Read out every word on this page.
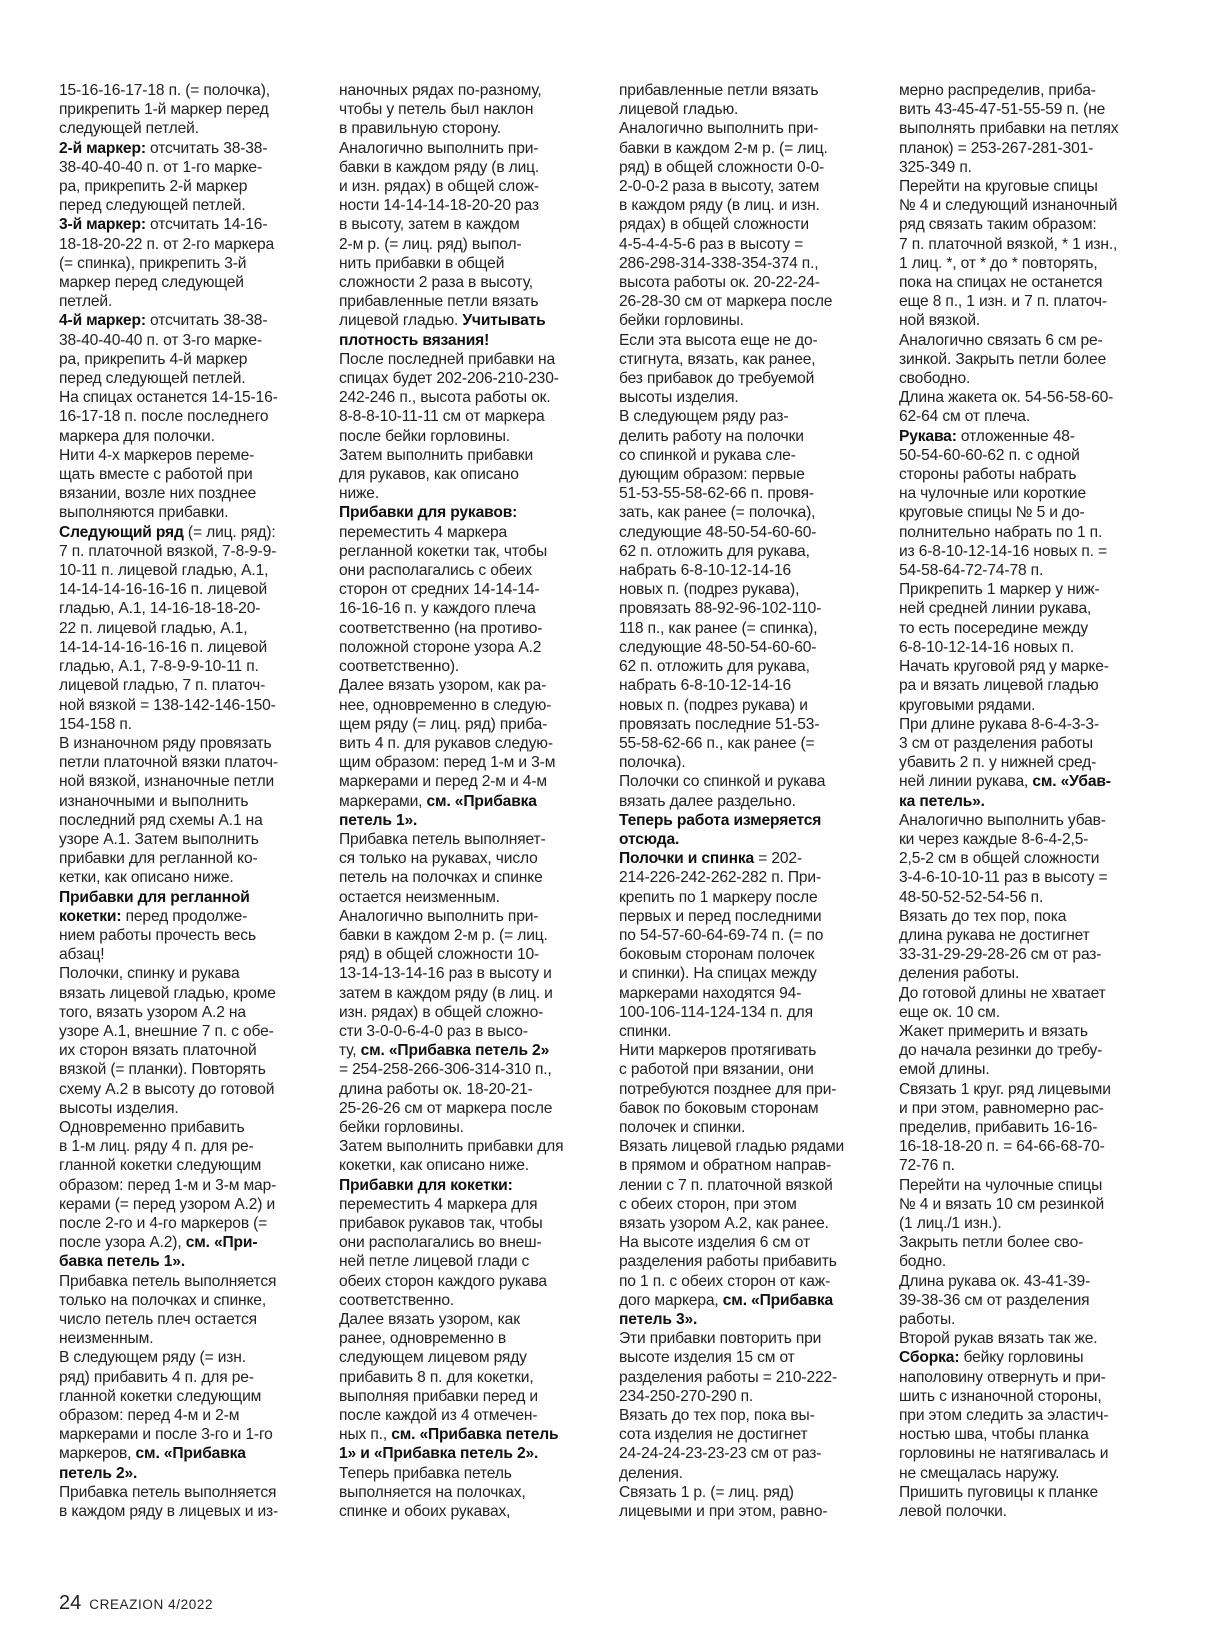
15-16-16-17-18 п. (= полочка),
прикрепить 1-й маркер перед
следующей петлей.
2-й маркер: отсчитать 38-38-
38-40-40-40 п. от 1-го марке-
ра, прикрепить 2-й маркер
перед следующей петлей.
3-й маркер: отсчитать 14-16-
18-18-20-22 п. от 2-го маркера
(= спинка), прикрепить 3-й
маркер перед следующей
петлей.
4-й маркер: отсчитать 38-38-
38-40-40-40 п. от 3-го марке-
ра, прикрепить 4-й маркер
перед следующей петлей.
На спицах останется 14-15-16-
16-17-18 п. после последнего
маркера для полочки.
Нити 4-х маркеров переме-
щать вместе с работой при
вязании, возле них позднее
выполняются прибавки.
Следующий ряд (= лиц. ряд):
7 п. платочной вязкой, 7-8-9-9-
10-11 п. лицевой гладью, А.1,
14-14-14-16-16-16 п. лицевой
гладью, А.1, 14-16-18-18-20-
22 п. лицевой гладью, А.1,
14-14-14-16-16-16 п. лицевой
гладью, А.1, 7-8-9-9-10-11 п.
лицевой гладью, 7 п. платоч-
ной вязкой = 138-142-146-150-
154-158 п.
В изнаночном ряду провязать
петли платочной вязки платоч-
ной вязкой, изнаночные петли
изнаночными и выполнить
последний ряд схемы А.1 на
узоре А.1. Затем выполнить
прибавки для регланной ко-
кетки, как описано ниже.
Прибавки для регланной
кокетки: перед продолже-
нием работы прочесть весь
абзац!
Полочки, спинку и рукава
вязать лицевой гладью, кроме
того, вязать узором А.2 на
узоре А.1, внешние 7 п. с обе-
их сторон вязать платочной
вязкой (= планки). Повторять
схему А.2 в высоту до готовой
высоты изделия.
Одновременно прибавить
в 1-м лиц. ряду 4 п. для ре-
гланной кокетки следующим
образом: перед 1-м и 3-м мар-
керами (= перед узором А.2) и
после 2-го и 4-го маркеров (=
после узора А.2), см. «При-
бавка петель 1».
Прибавка петель выполняется
только на полочках и спинке,
число петель плеч остается
неизменным.
В следующем ряду (= изн.
ряд) прибавить 4 п. для ре-
гланной кокетки следующим
образом: перед 4-м и 2-м
маркерами и после 3-го и 1-го
маркеров, см. «Прибавка
петель 2».
Прибавка петель выполняется
в каждом ряду в лицевых и из-
наночных рядах по-разному,
чтобы у петель был наклон
в правильную сторону.
Аналогично выполнить при-
бавки в каждом ряду (в лиц.
и изн. рядах) в общей слож-
ности 14-14-14-18-20-20 раз
в высоту, затем в каждом
2-м р. (= лиц. ряд) выпол-
нить прибавки в общей
сложности 2 раза в высоту,
прибавленные петли вязать
лицевой гладью. Учитывать
плотность вязания!
После последней прибавки на
спицах будет 202-206-210-230-
242-246 п., высота работы ок.
8-8-8-10-11-11 см от маркера
после бейки горловины.
Затем выполнить прибавки
для рукавов, как описано
ниже.
Прибавки для рукавов:
переместить 4 маркера
регланной кокетки так, чтобы
они располагались с обеих
сторон от средних 14-14-14-
16-16-16 п. у каждого плеча
соответственно (на противо-
положной стороне узора А.2
соответственно).
Далее вязать узором, как ра-
нее, одновременно в следую-
щем ряду (= лиц. ряд) приба-
вить 4 п. для рукавов следую-
щим образом: перед 1-м и 3-м
маркерами и перед 2-м и 4-м
маркерами, см. «Прибавка
петель 1».
Прибавка петель выполняет-
ся только на рукавах, число
петель на полочках и спинке
остается неизменным.
Аналогично выполнить при-
бавки в каждом 2-м р. (= лиц.
ряд) в общей сложности 10-
13-14-13-14-16 раз в высоту и
затем в каждом ряду (в лиц. и
изн. рядах) в общей сложно-
сти 3-0-0-6-4-0 раз в высо-
ту, см. «Прибавка петель 2»
= 254-258-266-306-314-310 п.,
длина работы ок. 18-20-21-
25-26-26 см от маркера после
бейки горловины.
Затем выполнить прибавки для
кокетки, как описано ниже.
Прибавки для кокетки:
переместить 4 маркера для
прибавок рукавов так, чтобы
они располагались во внеш-
ней петле лицевой глади с
обеих сторон каждого рукава
соответственно.
Далее вязать узором, как
ранее, одновременно в
следующем лицевом ряду
прибавить 8 п. для кокетки,
выполняя прибавки перед и
после каждой из 4 отмечен-
ных п., см. «Прибавка петель
1» и «Прибавка петель 2».
Теперь прибавка петель
выполняется на полочках,
спинке и обоих рукавах,
прибавленные петли вязать
лицевой гладью.
Аналогично выполнить при-
бавки в каждом 2-м р. (= лиц.
ряд) в общей сложности 0-0-
2-0-0-2 раза в высоту, затем
в каждом ряду (в лиц. и изн.
рядах) в общей сложности
4-5-4-4-5-6 раз в высоту =
286-298-314-338-354-374 п.,
высота работы ок. 20-22-24-
26-28-30 см от маркера после
бейки горловины.
Если эта высота еще не до-
стигнута, вязать, как ранее,
без прибавок до требуемой
высоты изделия.
В следующем ряду раз-
делить работу на полочки
со спинкой и рукава сле-
дующим образом: первые
51-53-55-58-62-66 п. провя-
зать, как ранее (= полочка),
следующие 48-50-54-60-60-
62 п. отложить для рукава,
набрать 6-8-10-12-14-16
новых п. (подрез рукава),
провязать 88-92-96-102-110-
118 п., как ранее (= спинка),
следующие 48-50-54-60-60-
62 п. отложить для рукава,
набрать 6-8-10-12-14-16
новых п. (подрез рукава) и
провязать последние 51-53-
55-58-62-66 п., как ранее (=
полочка).
Полочки со спинкой и рукава
вязать далее раздельно.
Теперь работа измеряется
отсюда.
Полочки и спинка = 202-
214-226-242-262-282 п. При-
крепить по 1 маркеру после
первых и перед последними
по 54-57-60-64-69-74 п. (= по
боковым сторонам полочек
и спинки). На спицах между
маркерами находятся 94-
100-106-114-124-134 п. для
спинки.
Нити маркеров протягивать
с работой при вязании, они
потребуются позднее для при-
бавок по боковым сторонам
полочек и спинки.
Вязать лицевой гладью рядами
в прямом и обратном направ-
лении с 7 п. платочной вязкой
с обеих сторон, при этом
вязать узором А.2, как ранее.
На высоте изделия 6 см от
разделения работы прибавить
по 1 п. с обеих сторон от каж-
дого маркера, см. «Прибавка
петель 3».
Эти прибавки повторить при
высоте изделия 15 см от
разделения работы = 210-222-
234-250-270-290 п.
Вязать до тех пор, пока вы-
сота изделия не достигнет
24-24-24-23-23-23 см от раз-
деления.
Связать 1 р. (= лиц. ряд)
лицевыми и при этом, равно-
мерно распределив, приба-
вить 43-45-47-51-55-59 п. (не
выполнять прибавки на петлях
планок) = 253-267-281-301-
325-349 п.
Перейти на круговые спицы
№ 4 и следующий изнаночный
ряд связать таким образом:
7 п. платочной вязкой, * 1 изн.,
1 лиц. *, от * до * повторять,
пока на спицах не останется
еще 8 п., 1 изн. и 7 п. платоч-
ной вязкой.
Аналогично связать 6 см ре-
зинкой. Закрыть петли более
свободно.
Длина жакета ок. 54-56-58-60-
62-64 см от плеча.
Рукава: отложенные 48-
50-54-60-60-62 п. с одной
стороны работы набрать
на чулочные или короткие
круговые спицы № 5 и до-
полнительно набрать по 1 п.
из 6-8-10-12-14-16 новых п. =
54-58-64-72-74-78 п.
Прикрепить 1 маркер у ниж-
ней средней линии рукава,
то есть посередине между
6-8-10-12-14-16 новых п.
Начать круговой ряд у марке-
ра и вязать лицевой гладью
круговыми рядами.
При длине рукава 8-6-4-3-3-
3 см от разделения работы
убавить 2 п. у нижней сред-
ней линии рукава, см. «Убав-
ка петель».
Аналогично выполнить убав-
ки через каждые 8-6-4-2,5-
2,5-2 см в общей сложности
3-4-6-10-10-11 раз в высоту =
48-50-52-52-54-56 п.
Вязать до тех пор, пока
длина рукава не достигнет
33-31-29-29-28-26 см от раз-
деления работы.
До готовой длины не хватает
еще ок. 10 см.
Жакет примерить и вязать
до начала резинки до требу-
емой длины.
Связать 1 круг. ряд лицевыми
и при этом, равномерно рас-
пределив, прибавить 16-16-
16-18-18-20 п. = 64-66-68-70-
72-76 п.
Перейти на чулочные спицы
№ 4 и вязать 10 см резинкой
(1 лиц./1 изн.).
Закрыть петли более сво-
бодно.
Длина рукава ок. 43-41-39-
39-38-36 см от разделения
работы.
Второй рукав вязать так же.
Сборка: бейку горловины
наполовину отвернуть и при-
шить с изнаночной стороны,
при этом следить за эластич-
ностью шва, чтобы планка
горловины не натягивалась и
не смещалась наружу.
Пришить пуговицы к планке
левой полочки.
24 CREAZION 4/2022
